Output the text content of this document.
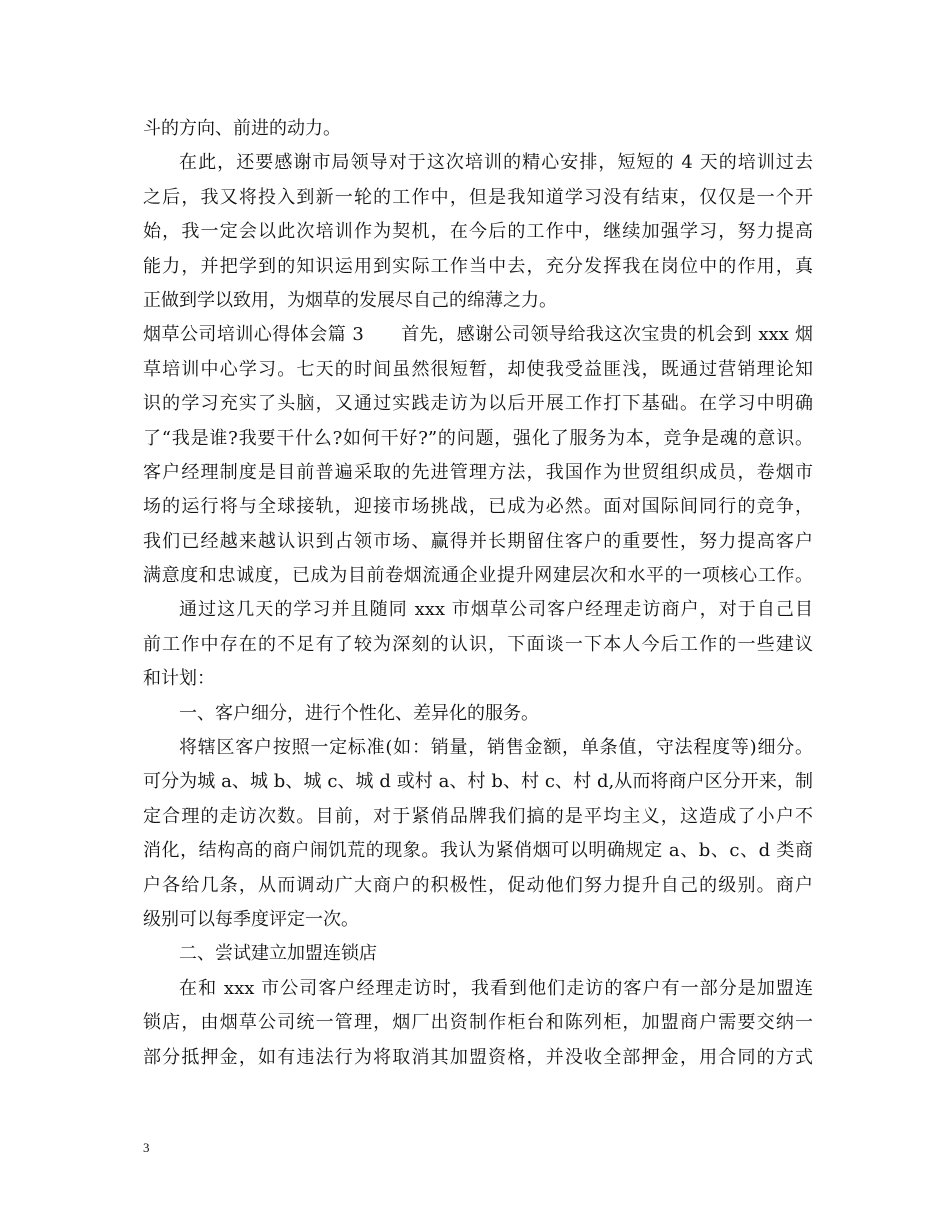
斗的方向、前进的动力。
在此，还要感谢市局领导对于这次培训的精心安排，短短的 4 天的培训过去
之后，我又将投入到新一轮的工作中，但是我知道学习没有结束，仅仅是一个开
始，我一定会以此次培训作为契机，在今后的工作中，继续加强学习，努力提高
能力，并把学到的知识运用到实际工作当中去，充分发挥我在岗位中的作用，真
正做到学以致用，为烟草的发展尽自己的绵薄之力。
烟草公司培训心得体会篇 3　　首先，感谢公司领导给我这次宝贵的机会到 xxx 烟
草培训中心学习。七天的时间虽然很短暂，却使我受益匪浅，既通过营销理论知
识的学习充实了头脑，又通过实践走访为以后开展工作打下基础。在学习中明确
了“我是谁?我要干什么?如何干好?”的问题，强化了服务为本，竞争是魂的意识。
客户经理制度是目前普遍采取的先进管理方法，我国作为世贸组织成员，卷烟市
场的运行将与全球接轨，迎接市场挑战，已成为必然。面对国际间同行的竞争，
我们已经越来越认识到占领市场、赢得并长期留住客户的重要性，努力提高客户
满意度和忠诚度，已成为目前卷烟流通企业提升网建层次和水平的一项核心工作。
通过这几天的学习并且随同 xxx 市烟草公司客户经理走访商户，对于自己目
前工作中存在的不足有了较为深刻的认识，下面谈一下本人今后工作的一些建议
和计划：
一、客户细分，进行个性化、差异化的服务。
将辖区客户按照一定标准(如：销量，销售金额，单条值，守法程度等)细分。
可分为城 a、城 b、城 c、城 d 或村 a、村 b、村 c、村 d,从而将商户区分开来，制
定合理的走访次数。目前，对于紧俏品牌我们搞的是平均主义，这造成了小户不
消化，结构高的商户闹饥荒的现象。我认为紧俏烟可以明确规定 a、b、c、d 类商
户各给几条，从而调动广大商户的积极性，促动他们努力提升自己的级别。商户
级别可以每季度评定一次。
二、尝试建立加盟连锁店
在和 xxx 市公司客户经理走访时，我看到他们走访的客户有一部分是加盟连
锁店，由烟草公司统一管理，烟厂出资制作柜台和陈列柜，加盟商户需要交纳一
部分抵押金，如有违法行为将取消其加盟资格，并没收全部押金，用合同的方式
3
